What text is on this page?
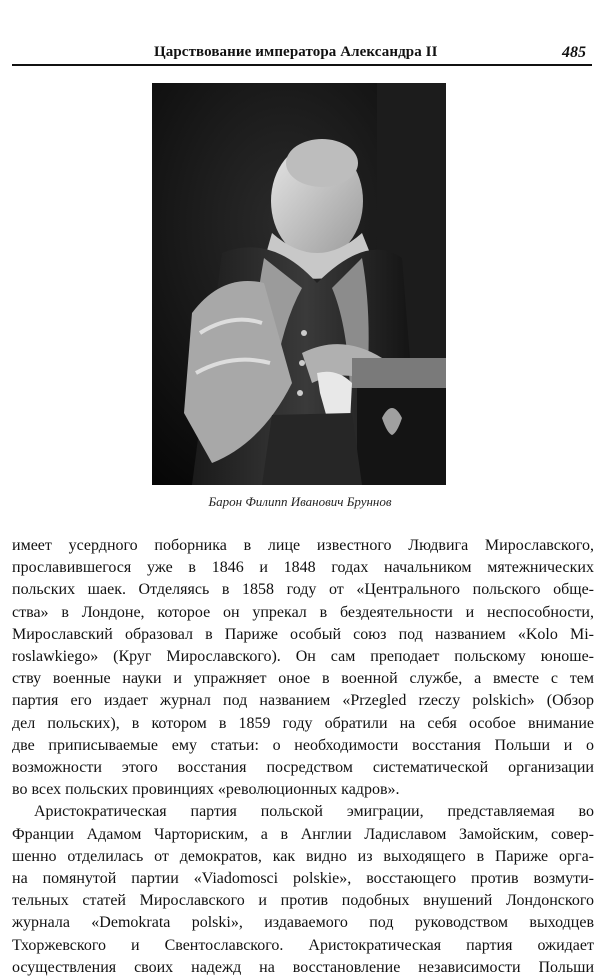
Царствование императора Александра II	485
Барон Филипп Иванович Бруннов
имеет усердного поборника в лице известного Людвига Мирославского,
прославившегося уже в 1846 и 1848 годах начальником мятежнических
польских шаек. Отделяясь в 1858 году от «Центрального польского обще-
ства» в Лондоне, которое он упрекал в бездеятельности и неспособности,
Мирославский образовал в Париже особый союз под названием «Kolo Mi-
roslawkiego» (Круг Мирославского). Он сам преподает польскому юноше-
ству военные науки и упражняет оное в военной службе, а вместе с тем
партия его издает журнал под названием «Przegled rzeczy polskich» (Обзор
дел польских), в котором в 1859 году обратили на себя особое внимание
две приписываемые ему статьи: о необходимости восстания Польши и о
возможности этого восстания посредством систематической организации
во всех польских провинциях «революционных кадров».
Аристократическая партия польской эмиграции, представляемая во
Франции Адамом Чарториским, а в Англии Ладиславом Замойским, совер-
шенно отделилась от демократов, как видно из выходящего в Париже орга-
на помянутой партии «Viadomosci polskie», восстающего против возмути-
тельных статей Мирославского и против подобных внушений Лондонского
журнала «Demokrata polski», издаваемого под руководством выходцев
Тхоржевского и Свентославского. Аристократическая партия ожидает
осуществления своих надежд на восстановление независимости Польши
